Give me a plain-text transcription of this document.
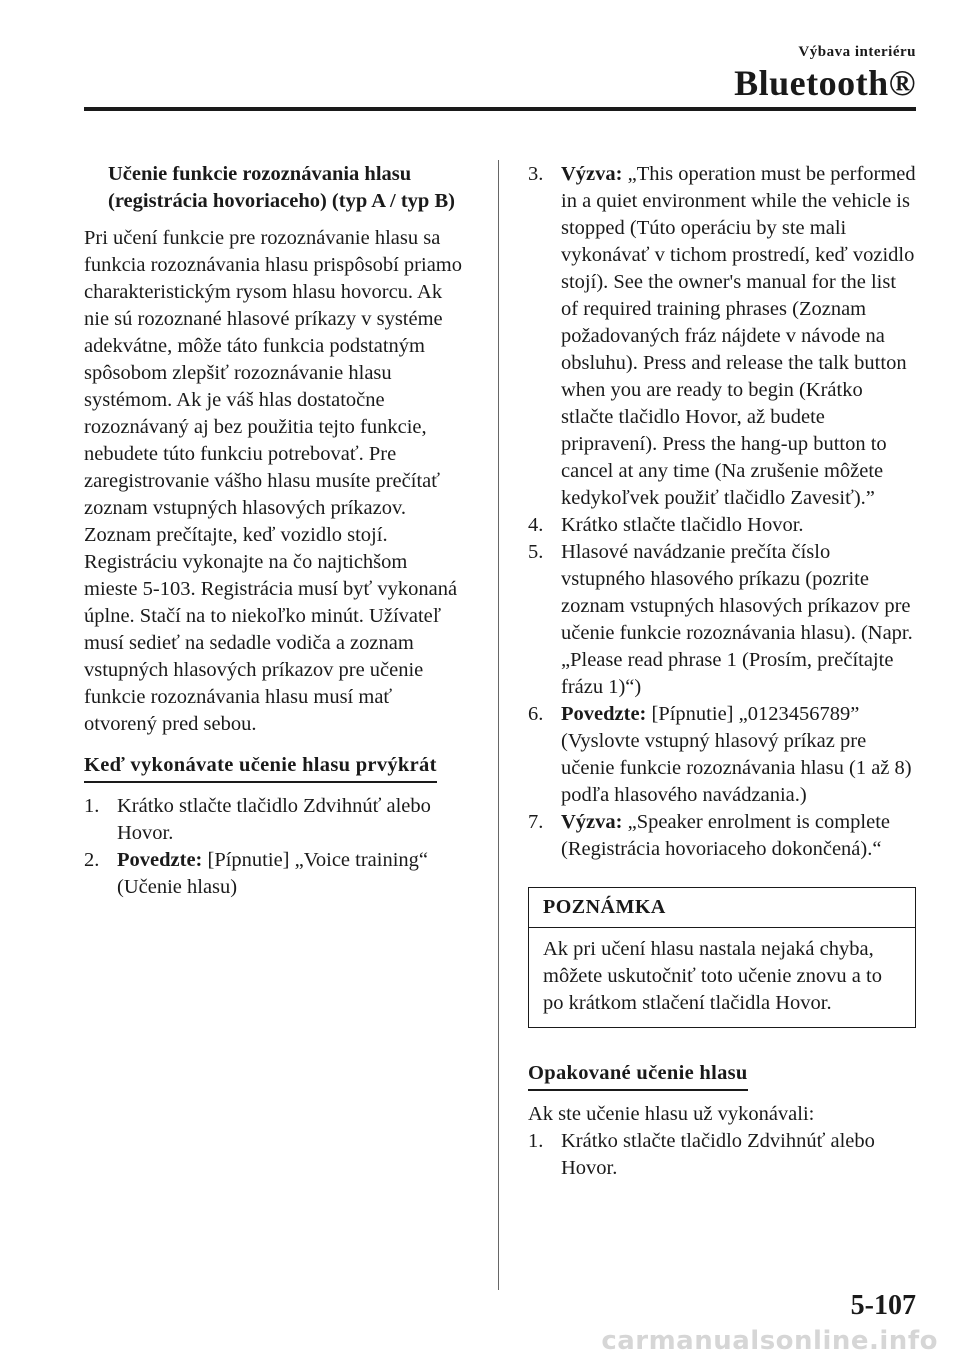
Výbava interiéru
Bluetooth®
Učenie funkcie rozoznávania hlasu (registrácia hovoriaceho) (typ A / typ B)

Pri učení funkcie pre rozoznávanie hlasu sa funkcia rozoznávania hlasu prispôsobí priamo charakteristickým rysom hlasu hovorcu. Ak nie sú rozoznané hlasové príkazy v systéme adekvátne, môže táto funkcia podstatným spôsobom zlepšiť rozoznávanie hlasu systémom. Ak je váš hlas dostatočne rozoznávaný aj bez použitia tejto funkcie, nebudete túto funkciu potrebovať. Pre zaregistrovanie vášho hlasu musíte prečítať zoznam vstupných hlasových príkazov. Zoznam prečítajte, keď vozidlo stojí. Registráciu vykonajte na čo najtichšom mieste 5-103. Registrácia musí byť vykonaná úplne. Stačí na to niekoľko minút. Užívateľ musí sedieť na sedadle vodiča a zoznam vstupných hlasových príkazov pre učenie funkcie rozoznávania hlasu musí mať otvorený pred sebou.

Keď vykonávate učenie hlasu prvýkrát
1. Krátko stlačte tlačidlo Zdvihnúť alebo Hovor.
2. Povedzte: [Pípnutie] „Voice training“ (Učenie hlasu)
3. Výzva: „This operation must be performed in a quiet environment while the vehicle is stopped (Túto operáciu by ste mali vykonávať v tichom prostredí, keď vozidlo stojí). See the owner's manual for the list of required training phrases (Zoznam požadovaných fráz nájdete v návode na obsluhu). Press and release the talk button when you are ready to begin (Krátko stlačte tlačidlo Hovor, až budete pripravení). Press the hang-up button to cancel at any time (Na zrušenie môžete kedykoľvek použiť tlačidlo Zavesiť).”
4. Krátko stlačte tlačidlo Hovor.
5. Hlasové navádzanie prečíta číslo vstupného hlasového príkazu (pozrite zoznam vstupných hlasových príkazov pre učenie funkcie rozoznávania hlasu). (Napr. „Please read phrase 1 (Prosím, prečítajte frázu 1)“)
6. Povedzte: [Pípnutie] „0123456789” (Vyslovte vstupný hlasový príkaz pre učenie funkcie rozoznávania hlasu (1 až 8) podľa hlasového navádzania.)
7. Výzva: „Speaker enrolment is complete (Registrácia hovoriaceho dokončená).“
POZNÁMKA
Ak pri učení hlasu nastala nejaká chyba, môžete uskutočniť toto učenie znovu a to po krátkom stlačení tlačidla Hovor.
Opakované učenie hlasu

Ak ste učenie hlasu už vykonávali:

1. Krátko stlačte tlačidlo Zdvihnúť alebo Hovor.
5-107
carmanualsonline.info
